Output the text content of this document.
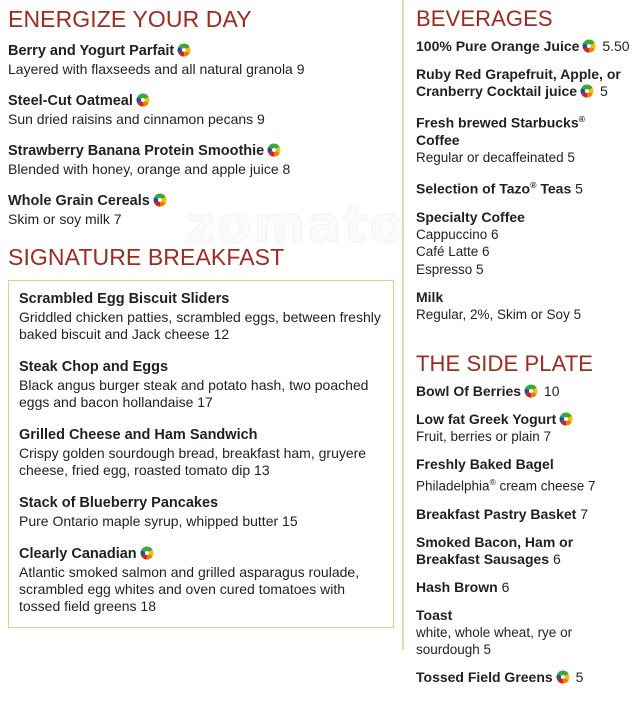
zomato
ENERGIZE YOUR DAY
Berry and Yogurt Parfait
Layered with flaxseeds and all natural granola 9
Steel-Cut Oatmeal
Sun dried raisins and cinnamon pecans 9
Strawberry Banana Protein Smoothie
Blended with honey, orange and apple juice 8
Whole Grain Cereals
Skim or soy milk 7
SIGNATURE BREAKFAST
Scrambled Egg Biscuit Sliders
Griddled chicken patties, scrambled eggs, between freshly baked biscuit and Jack cheese 12
Steak Chop and Eggs
Black angus burger steak and potato hash, two poached eggs and bacon hollandaise 17
Grilled Cheese and Ham Sandwich
Crispy golden sourdough bread, breakfast ham, gruyere cheese, fried egg, roasted tomato dip 13
Stack of Blueberry Pancakes
Pure Ontario maple syrup, whipped butter 15
Clearly Canadian
Atlantic smoked salmon and grilled asparagus roulade, scrambled egg whites and oven cured tomatoes with tossed field greens 18
BEVERAGES
100% Pure Orange Juice 5.50
Ruby Red Grapefruit, Apple, or Cranberry Cocktail juice 5
Fresh brewed Starbucks® Coffee
Regular or decaffeinated 5
Selection of Tazo® Teas 5
Specialty Coffee
Cappuccino 6
Café Latte 6
Espresso 5
Milk
Regular, 2%, Skim or Soy 5
THE SIDE PLATE
Bowl Of Berries 10
Low fat Greek Yogurt
Fruit, berries or plain 7
Freshly Baked Bagel
Philadelphia® cream cheese 7
Breakfast Pastry Basket 7
Smoked Bacon, Ham or Breakfast Sausages 6
Hash Brown 6
Toast
white, whole wheat, rye or sourdough 5
Tossed Field Greens 5
